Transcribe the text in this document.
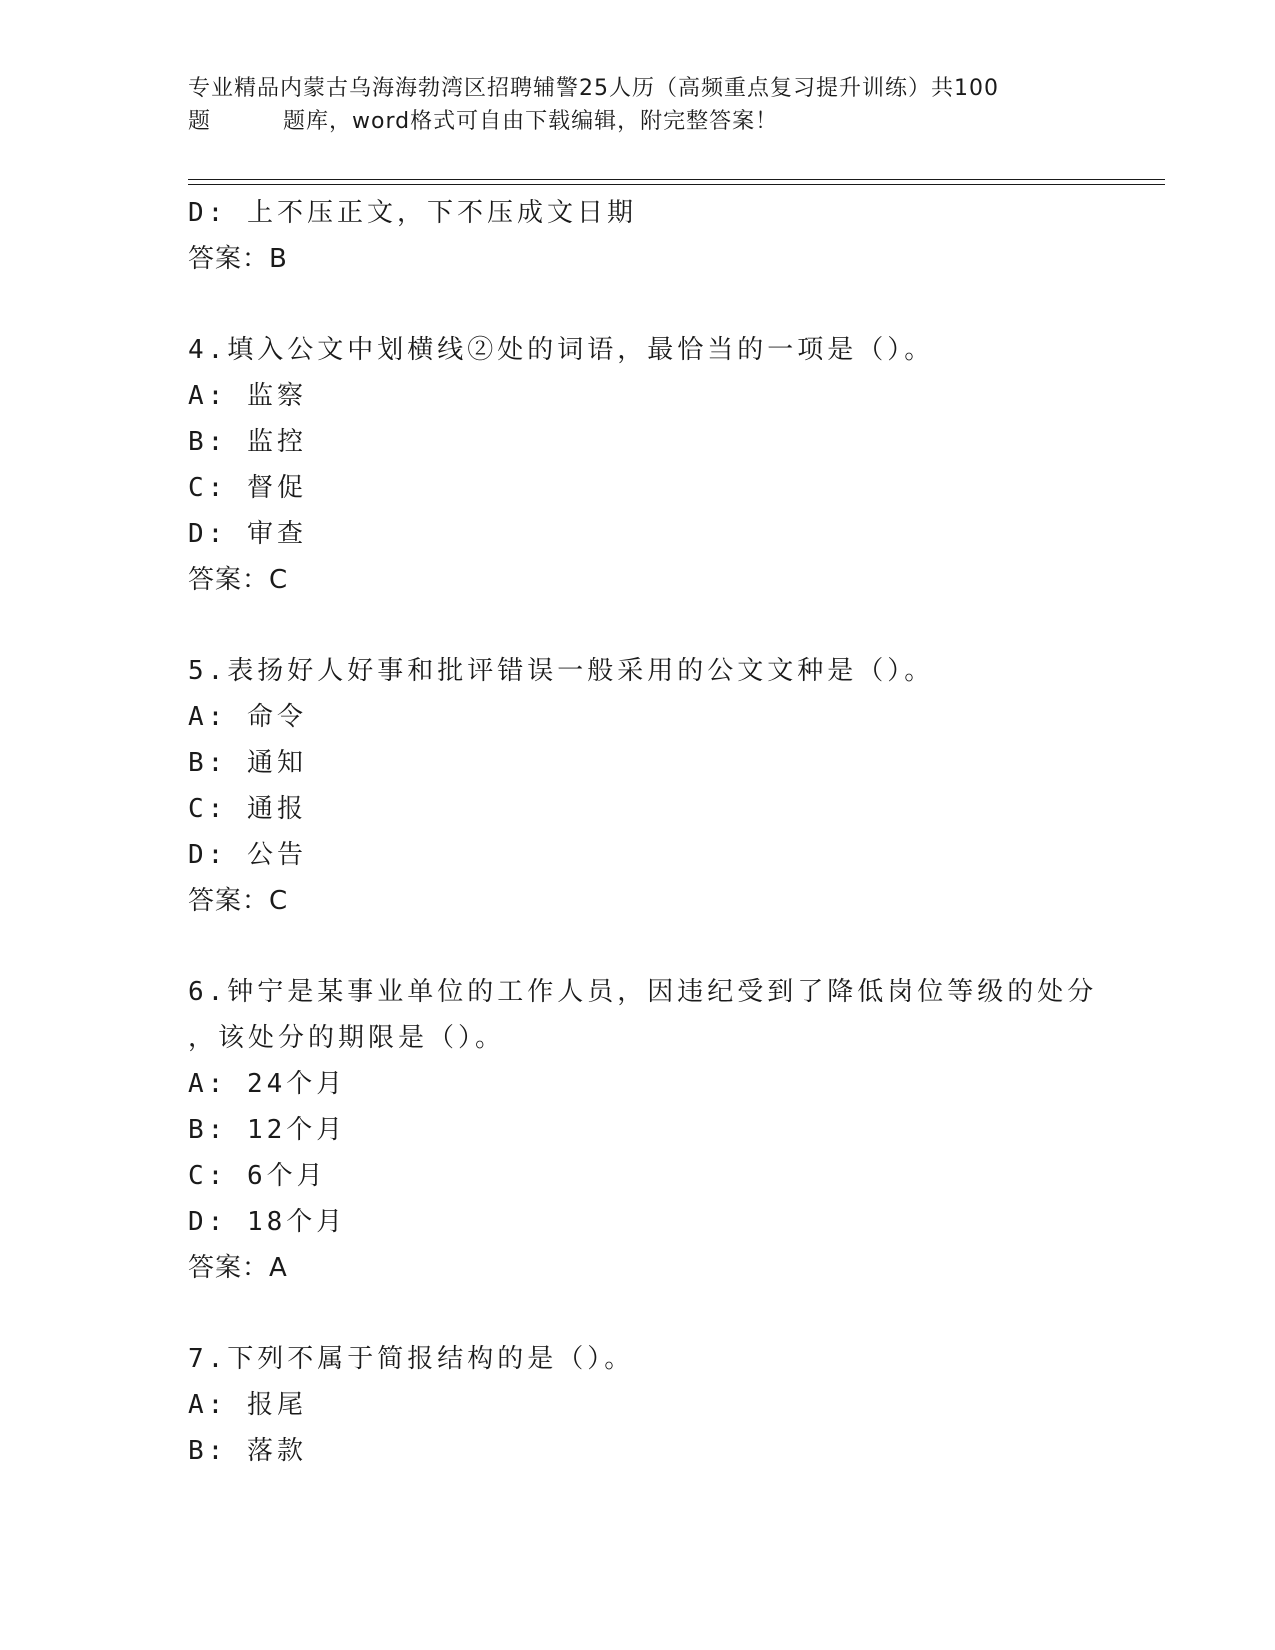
专业精品内蒙古乌海海勃湾区招聘辅警25人历（高频重点复习提升训练）共100
题	题库，word格式可自由下载编辑，附完整答案！
D: 上不压正文，下不压成文日期
答案：B
4.填入公文中划横线②处的词语，最恰当的一项是（）。
A: 监察
B: 监控
C: 督促
D: 审查
答案：C
5.表扬好人好事和批评错误一般采用的公文文种是（）。
A: 命令
B: 通知
C: 通报
D: 公告
答案：C
6.钟宁是某事业单位的工作人员，因违纪受到了降低岗位等级的处分
，该处分的期限是（）。
A: 24个月
B: 12个月
C: 6个月
D: 18个月
答案：A
7.下列不属于简报结构的是（）。
A: 报尾
B: 落款
